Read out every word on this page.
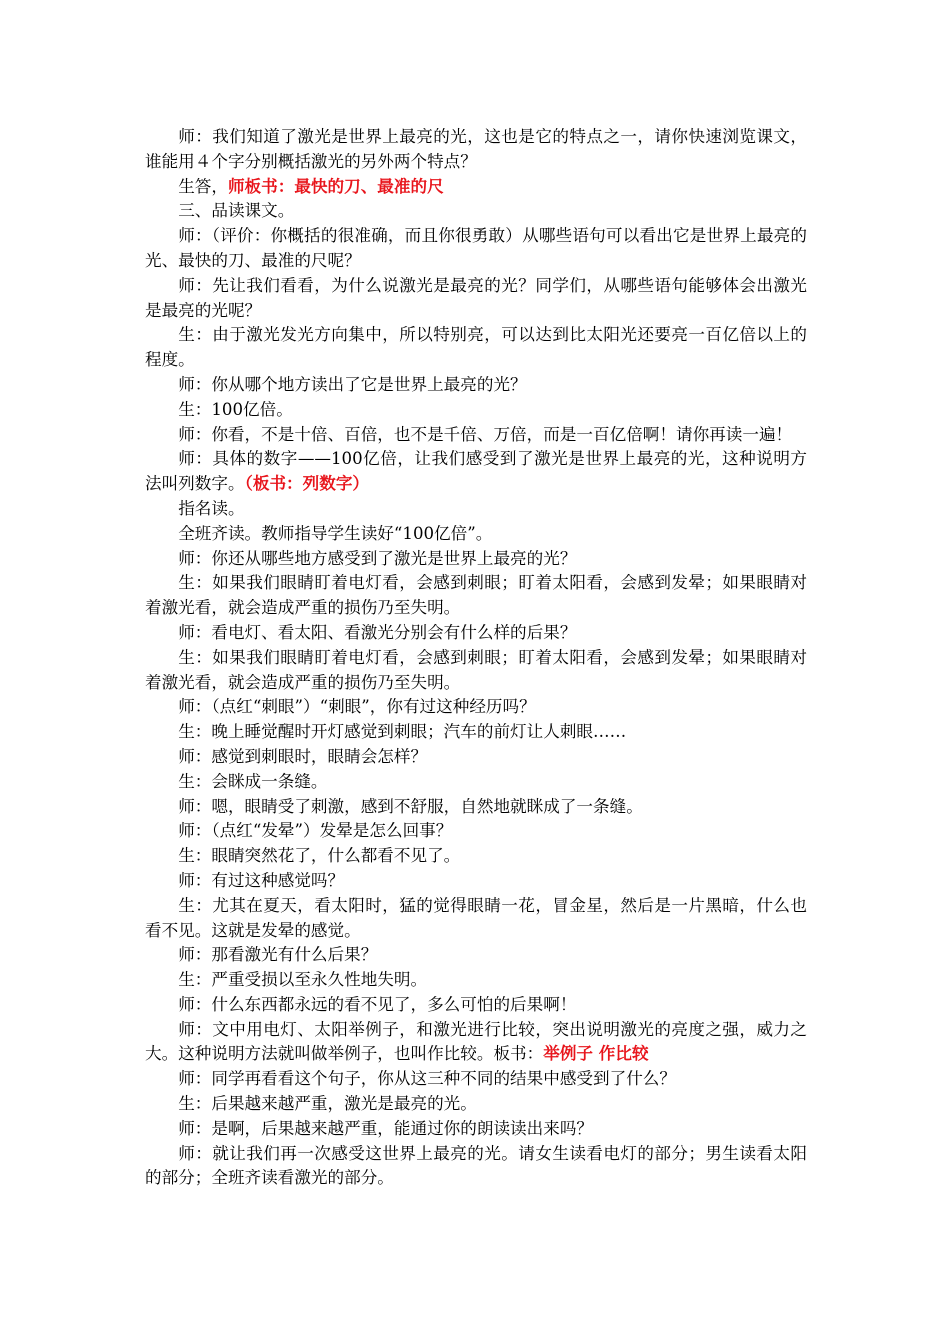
师：我们知道了激光是世界上最亮的光，这也是它的特点之一，请你快速浏览课文，谁能用４个字分别概括激光的另外两个特点？

生答，师板书：最快的刀、最准的尺

三、品读课文。

师：（评价：你概括的很准确，而且你很勇敢）从哪些语句可以看出它是世界上最亮的光、最快的刀、最准的尺呢？

师：先让我们看看，为什么说激光是最亮的光？同学们，从哪些语句能够体会出激光是最亮的光呢？

生：由于激光发光方向集中，所以特别亮，可以达到比太阳光还要亮一百亿倍以上的程度。

师：你从哪个地方读出了它是世界上最亮的光？

生：100亿倍。

师：你看，不是十倍、百倍，也不是千倍、万倍，而是一百亿倍啊！请你再读一遍！

师：具体的数字——100亿倍，让我们感受到了激光是世界上最亮的光，这种说明方法叫列数字。（板书：列数字）

指名读。

全班齐读。教师指导学生读好“100亿倍”。

师：你还从哪些地方感受到了激光是世界上最亮的光？

生：如果我们眼睛盯着电灯看，会感到刺眼；盯着太阳看，会感到发晕；如果眼睛对着激光看，就会造成严重的损伤乃至失明。

师：看电灯、看太阳、看激光分别会有什么样的后果？

生：如果我们眼睛盯着电灯看，会感到刺眼；盯着太阳看，会感到发晕；如果眼睛对着激光看，就会造成严重的损伤乃至失明。

师：（点红“刺眼”）“刺眼”，你有过这种经历吗？

生：晚上睡觉醒时开灯感觉到刺眼；汽车的前灯让人刺眼……

师：感觉到刺眼时，眼睛会怎样？

生：会眯成一条缝。

师：嗯，眼睛受了刺激，感到不舒服，自然地就眯成了一条缝。

师：（点红“发晕”）发晕是怎么回事？

生：眼睛突然花了，什么都看不见了。

师：有过这种感觉吗？

生：尤其在夏天，看太阳时，猛的觉得眼睛一花，冒金星，然后是一片黑暗，什么也看不见。这就是发晕的感觉。

师：那看激光有什么后果？

生：严重受损以至永久性地失明。

师：什么东西都永远的看不见了，多么可怕的后果啊！

师：文中用电灯、太阳举例子，和激光进行比较，突出说明激光的亮度之强，威力之大。这种说明方法就叫做举例子，也叫作比较。板书：举例子 作比较

师：同学再看看这个句子，你从这三种不同的结果中感受到了什么？

生：后果越来越严重，激光是最亮的光。

师：是啊，后果越来越严重，能通过你的朗读读出来吗？

师：就让我们再一次感受这世界上最亮的光。请女生读看电灯的部分；男生读看太阳的部分；全班齐读看激光的部分。
